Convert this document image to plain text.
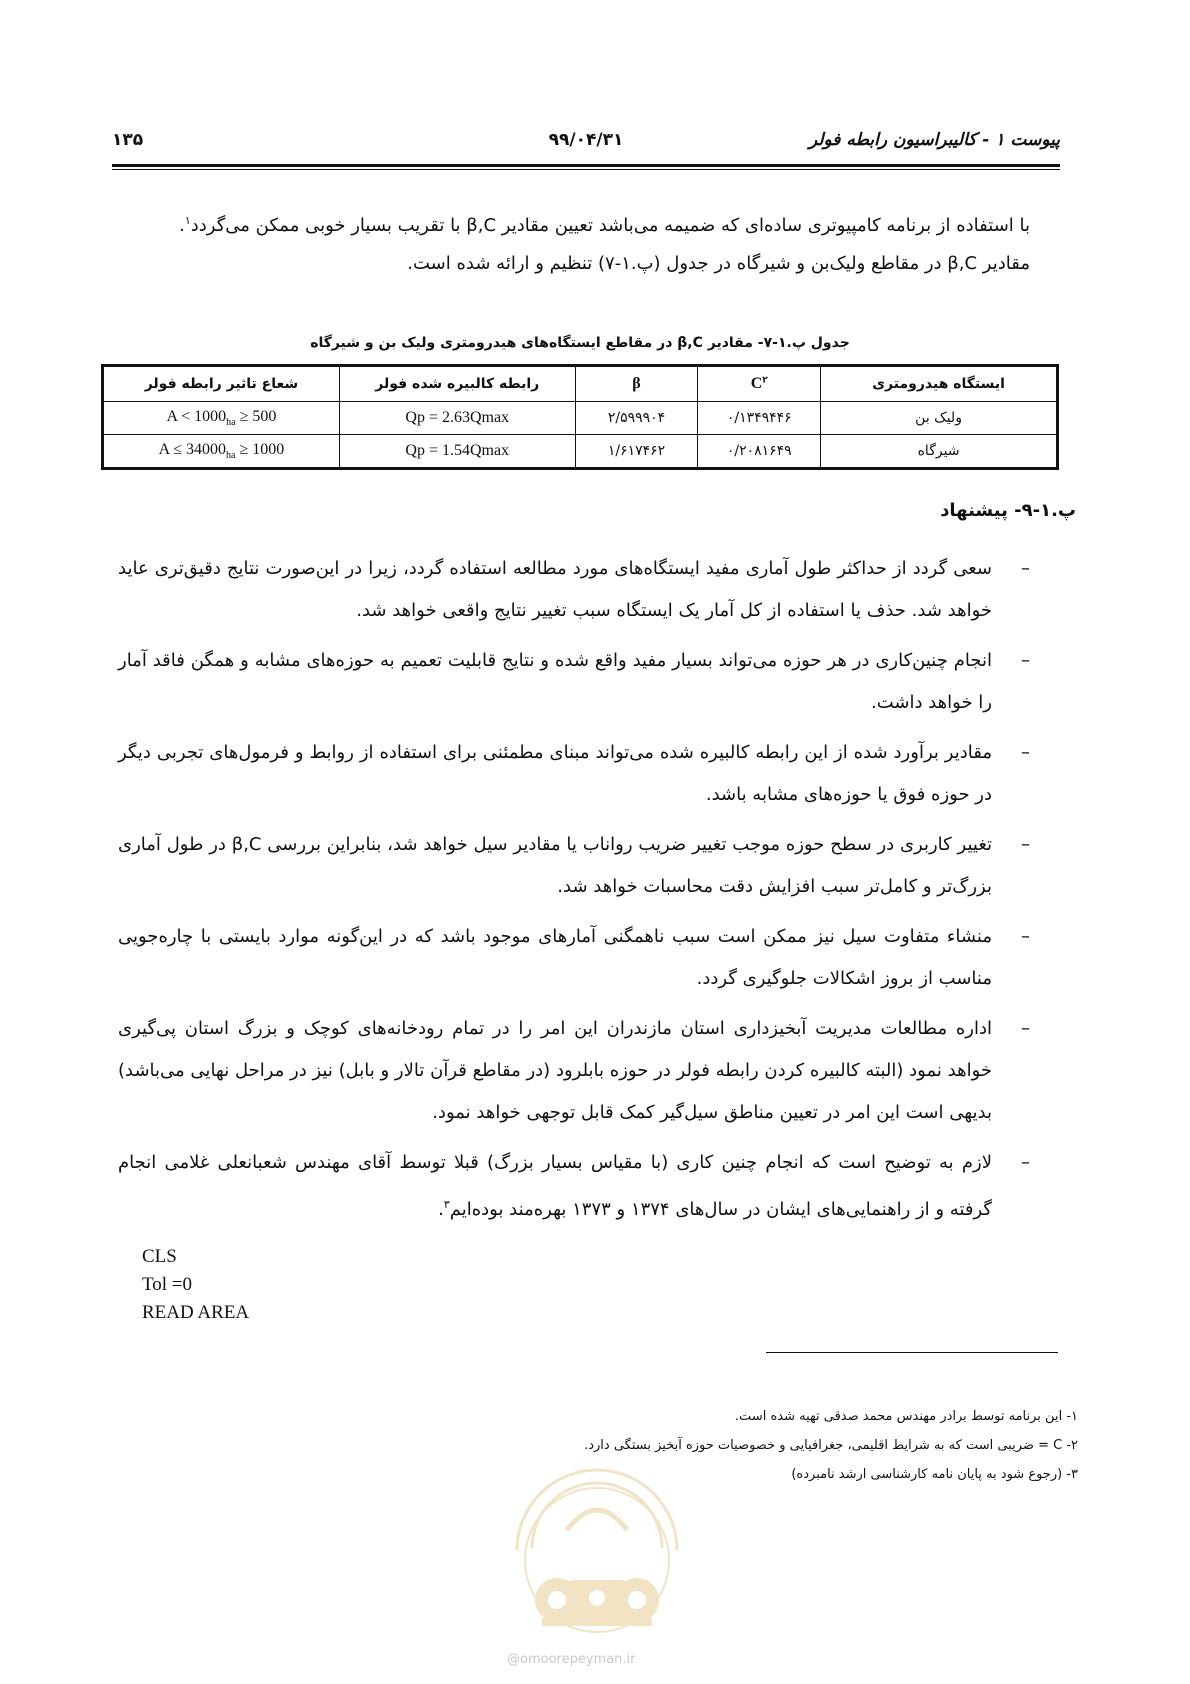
۱۳۵	۹۹/۰۴/۳۱	پیوست ۱ - کالیبراسیون رابطه فولر
با استفاده از برنامه کامپیوتری ساده‌ای که ضمیمه می‌باشد تعیین مقادیر β,C با تقریب بسیار خوبی ممکن می‌گردد$^۱$.
مقادیر β,C در مقاطع ولیک‌بن و شیرگاه در جدول (پ.۱-۷) تنظیم و ارائه شده است.
جدول پ.۱-۷- مقادیر β,C در مقاطع ایستگاه‌های هیدرومتری ولیک بن و شیرگاه
ایستگاه هیدرومتری	$C^۲$	β	رابطه کالبیره شده فولر	شعاع تاثیر رابطه فولر
ولیک بن	۰/۱۳۴۹۴۴۶	۲/۵۹۹۹۰۴	Qp = 2.63Qmax	$500 \le A < 1000_{ha}$
شیرگاه	۰/۲۰۸۱۶۴۹	۱/۶۱۷۴۶۲	Qp = 1.54Qmax	$1000 \le A \le 34000_{ha}$
پ.۱-۹- پیشنهاد
–
سعی گردد از حداکثر طول آماری مفید ایستگاه‌های مورد مطالعه استفاده گردد، زیرا در این‌صورت نتایج دقیق‌تری عاید خواهد شد. حذف یا استفاده از کل آمار یک ایستگاه سبب تغییر نتایج واقعی خواهد شد.
–
انجام چنین‌کاری در هر حوزه می‌تواند بسیار مفید واقع شده و نتایج قابلیت تعمیم به حوزه‌های مشابه و همگن فاقد آمار را خواهد داشت.
–
مقادیر برآورد شده از این رابطه کالبیره شده می‌تواند مبنای مطمئنی برای استفاده از روابط و فرمول‌های تجربی دیگر در حوزه فوق یا حوزه‌های مشابه باشد.
–
تغییر کاربری در سطح حوزه موجب تغییر ضریب رواناب یا مقادیر سیل خواهد شد، بنابراین بررسی β,C در طول آماری بزرگ‌تر و کامل‌تر سبب افزایش دقت محاسبات خواهد شد.
–
منشاء متفاوت سیل نیز ممکن است سبب ناهمگنی آمارهای موجود باشد که در این‌گونه موارد بایستی با چاره‌جویی مناسب از بروز اشکالات جلوگیری گردد.
–
اداره مطالعات مدیریت آبخیزداری استان مازندران این امر را در تمام رودخانه‌های کوچک و بزرگ استان پی‌گیری خواهد نمود (البته کالبیره کردن رابطه فولر در حوزه بابلرود (در مقاطع قرآن تالار و بابل) نیز در مراحل نهایی می‌باشد) بدیهی است این امر در تعیین مناطق سیل‌گیر کمک قابل توجهی خواهد نمود.
–
لازم به توضیح است که انجام چنین کاری (با مقیاس بسیار بزرگ) قبلا توسط آقای مهندس شعبانعلی غلامی انجام گرفته و از راهنمایی‌های ایشان در سال‌های ۱۳۷۴ و ۱۳۷۳ بهره‌مند بوده‌ایم$^۳$.
CLS
Tol =0
READ AREA
۱- این برنامه توسط برادر مهندس محمد صدقی تهیه شده است.
۲- C = ضریبی است که به شرایط اقلیمی، جغرافیایی و خصوصیات حوزه آبخیز بستگی دارد.
۳- (رجوع شود به پایان نامه کارشناسی ارشد نامبرده)
@omoorepeyman.ir
